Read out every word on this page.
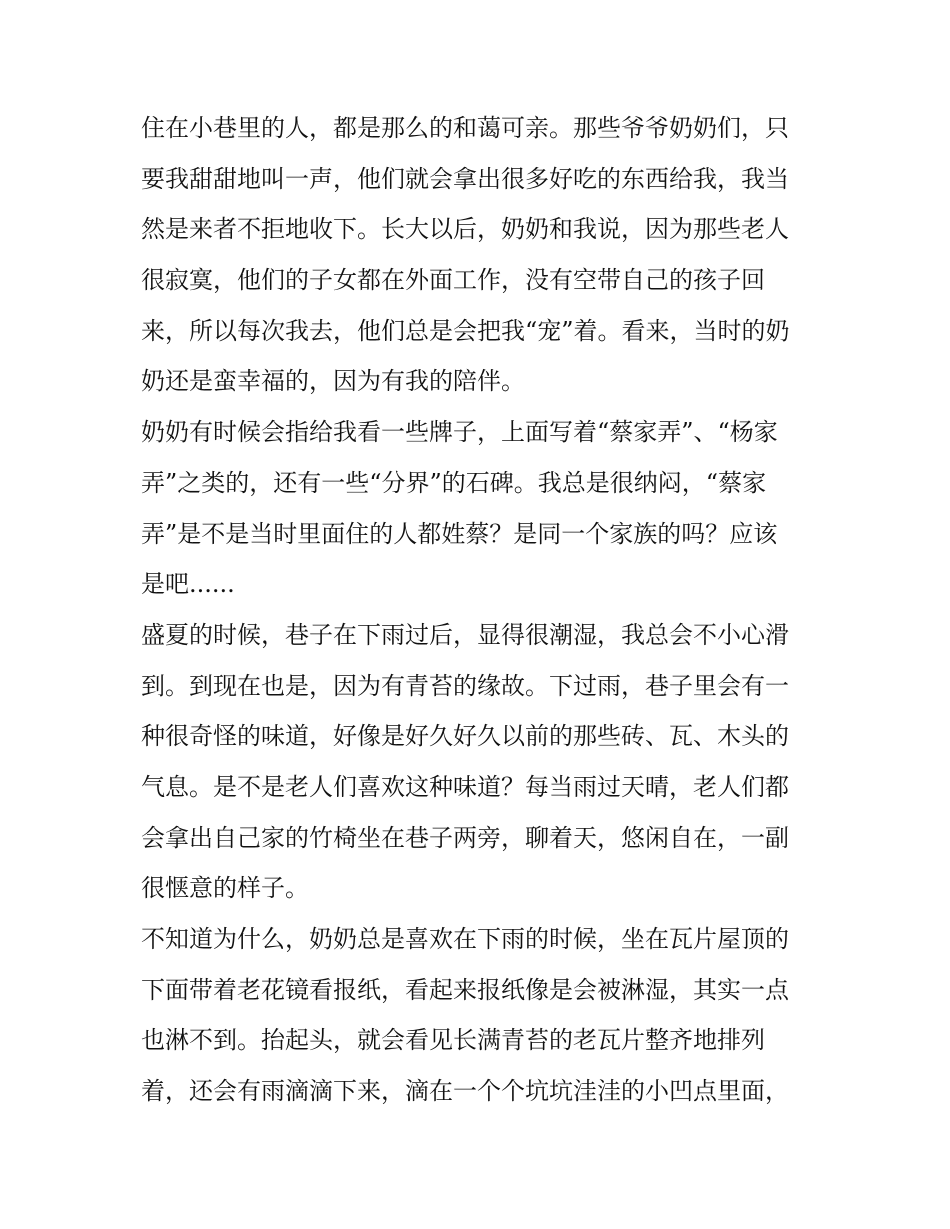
住在小巷里的人，都是那么的和蔼可亲。那些爷爷奶奶们，只
要我甜甜地叫一声，他们就会拿出很多好吃的东西给我，我当
然是来者不拒地收下。长大以后，奶奶和我说，因为那些老人
很寂寞，他们的子女都在外面工作，没有空带自己的孩子回
来，所以每次我去，他们总是会把我“宠”着。看来，当时的奶
奶还是蛮幸福的，因为有我的陪伴。
奶奶有时候会指给我看一些牌子，上面写着“蔡家弄”、“杨家
弄”之类的，还有一些“分界”的石碑。我总是很纳闷，“蔡家
弄”是不是当时里面住的人都姓蔡？是同一个家族的吗？应该
是吧......
盛夏的时候，巷子在下雨过后，显得很潮湿，我总会不小心滑
到。到现在也是，因为有青苔的缘故。下过雨，巷子里会有一
种很奇怪的味道，好像是好久好久以前的那些砖、瓦、木头的
气息。是不是老人们喜欢这种味道？每当雨过天晴，老人们都
会拿出自己家的竹椅坐在巷子两旁，聊着天，悠闲自在，一副
很惬意的样子。
不知道为什么，奶奶总是喜欢在下雨的时候，坐在瓦片屋顶的
下面带着老花镜看报纸，看起来报纸像是会被淋湿，其实一点
也淋不到。抬起头，就会看见长满青苔的老瓦片整齐地排列
着，还会有雨滴滴下来，滴在一个个坑坑洼洼的小凹点里面，
